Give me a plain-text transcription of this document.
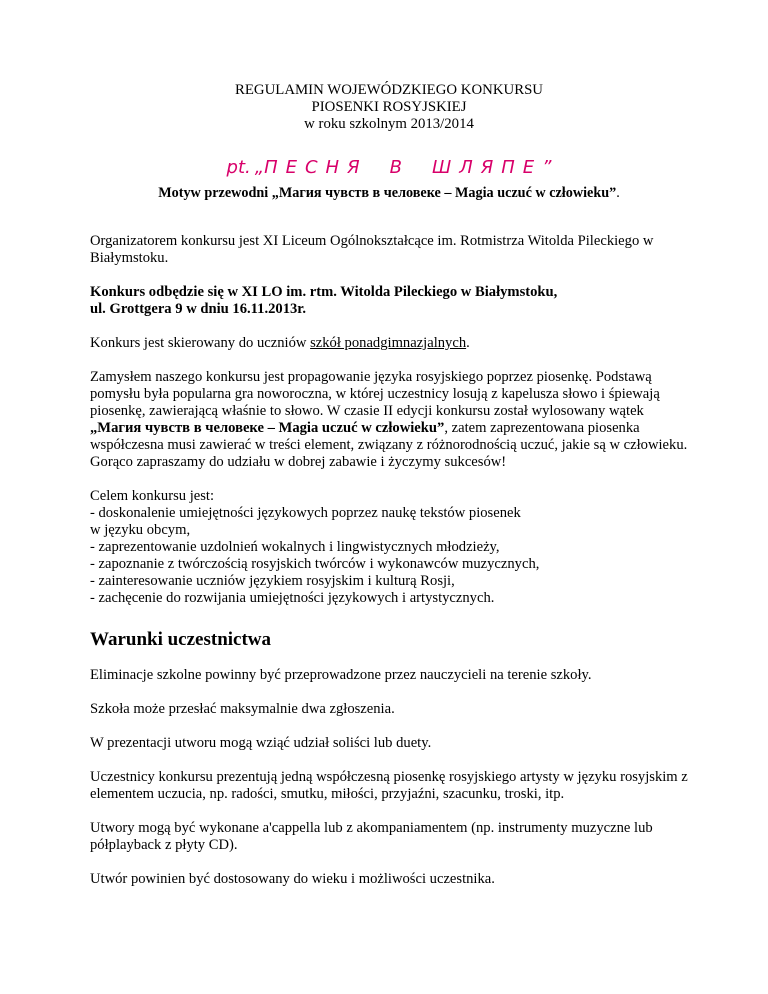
REGULAMIN WOJEWÓDZKIEGO KONKURSU
PIOSENKI ROSYJSKIEJ
w roku szkolnym 2013/2014
pt. „ПЕСНЯ В ШЛЯПЕ”

Motyw przewodni „Магия чувств в человеке – Magia uczuć w człowieku”.

Organizatorem konkursu jest XI Liceum Ogólnokształcące im. Rotmistrza Witolda Pileckiego w Białymstoku.

Konkurs odbędzie się w XI LO im. rtm. Witolda Pileckiego w Białymstoku,
ul. Grottgera 9 w dniu 16.11.2013r.

Konkurs jest skierowany do uczniów szkół ponadgimnazjalnych.

Zamysłem naszego konkursu jest propagowanie języka rosyjskiego poprzez piosenkę. Podstawą pomysłu była popularna gra noworoczna, w której uczestnicy losują z kapelusza słowo i śpiewają piosenkę, zawierającą właśnie to słowo. W czasie II edycji konkursu został wylosowany wątek „Магия чувств в человеке – Magia uczuć w człowieku”, zatem zaprezentowana piosenka współczesna musi zawierać w treści element, związany z różnorodnością uczuć, jakie są w człowieku.
Gorąco zapraszamy do udziału w dobrej zabawie i życzymy sukcesów!

Celem konkursu jest:
- doskonalenie umiejętności językowych poprzez naukę tekstów piosenek
w języku obcym,
- zaprezentowanie uzdolnień wokalnych i lingwistycznych młodzieży,
- zapoznanie z twórczością rosyjskich twórców i wykonawców muzycznych,
- zainteresowanie uczniów językiem rosyjskim i kulturą Rosji,
- zachęcenie do rozwijania umiejętności językowych i artystycznych.
Warunki uczestnictwa

Eliminacje szkolne powinny być przeprowadzone przez nauczycieli na terenie szkoły.

Szkoła może przesłać maksymalnie dwa zgłoszenia.

W prezentacji utworu mogą wziąć udział soliści lub duety.

Uczestnicy konkursu prezentują jedną współczesną piosenkę rosyjskiego artysty w języku rosyjskim z elementem uczucia, np. radości, smutku, miłości, przyjaźni, szacunku, troski, itp.

Utwory mogą być wykonane a'cappella lub z akompaniamentem (np. instrumenty muzyczne lub półplayback z płyty CD).

Utwór powinien być dostosowany do wieku i możliwości uczestnika.
